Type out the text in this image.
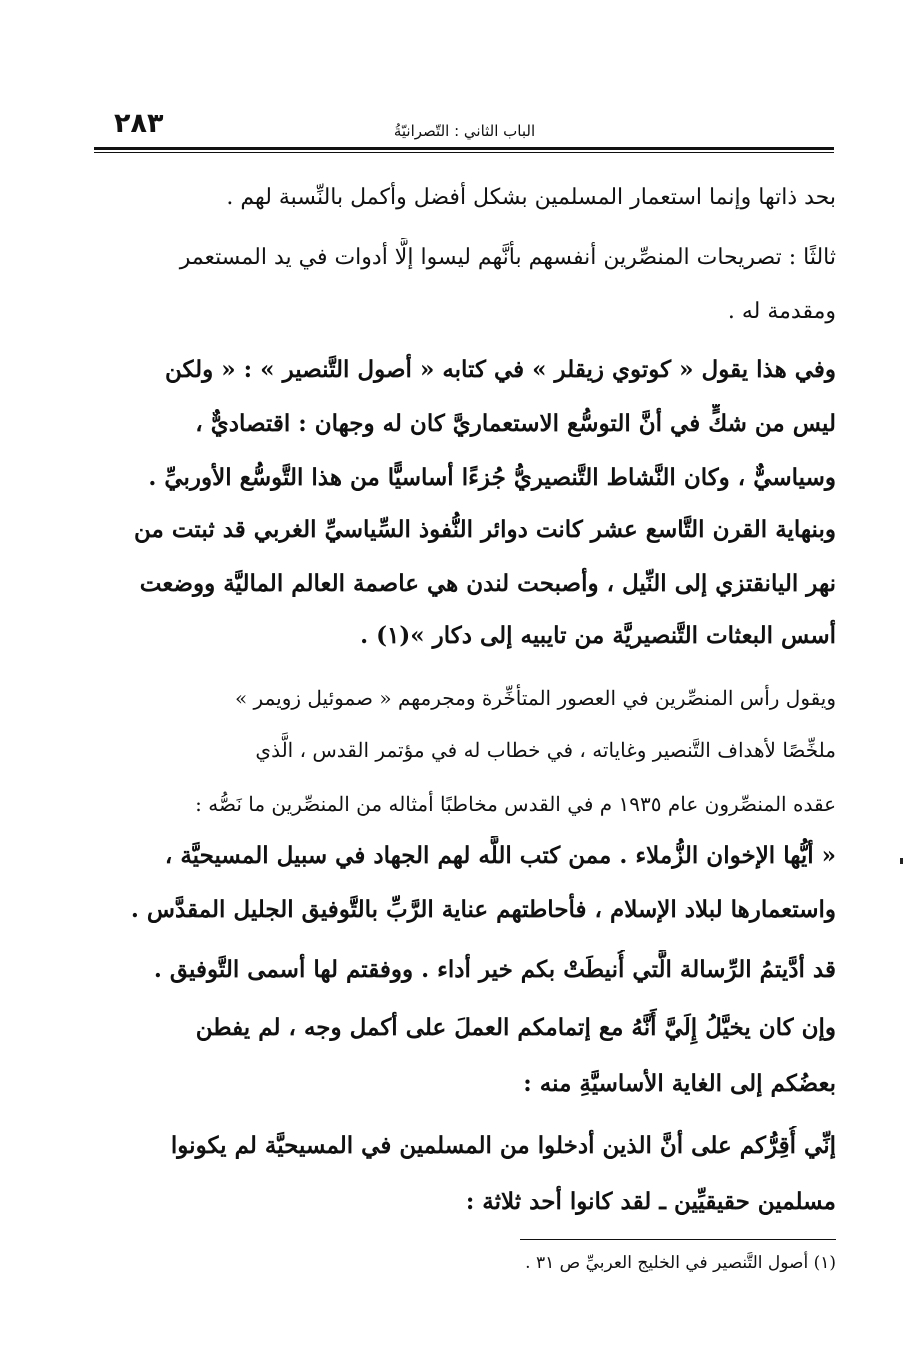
٢٨٣	الباب الثاني : التّصرانيّةُ
بحد ذاتها وإنما استعمار المسلمين بشكل أفضل وأكمل بالنِّسبة لهم .
ثالثًا : تصريحات المنصِّرين أنفسهم بأنَّهم ليسوا إلَّا أدوات في يد المستعمر
ومقدمة له .
وفي هذا يقول « كوتوي زيقلر » في كتابه « أصول التَّنصير » : « ولكن
ليس من شكٍّ في أنَّ التوسُّع الاستعماريَّ كان له وجهان : اقتصاديٌّ ،
وسياسيٌّ ، وكان النَّشاط التَّنصيريُّ جُزءًا أساسيًّا من هذا التَّوسُّع الأوربيِّ .
وبنهاية القرن التَّاسع عشر كانت دوائر النُّفوذ السِّياسيِّ الغربي قد ثبتت من
نهر اليانقتزي إلى النِّيل ، وأصبحت لندن هي عاصمة العالم الماليَّة ووضعت
أسس البعثات التَّنصيريَّة من تايبيه إلى دكار »(١) .
ويقول رأس المنصِّرين في العصور المتأخِّرة ومجرمهم « صموئيل زويمر »
ملخِّصًا لأهداف التَّنصير وغاياته ، في خطاب له في مؤتمر القدس ، الَّذي
عقده المنصِّرون عام ١٩٣٥ م في القدس مخاطبًا أمثاله من المنصِّرين ما نَصُّه :
« أيُّها الإخوان الزُّملاء . ممن كتب اللَّه لهم الجهاد في سبيل المسيحيَّة ،
واستعمارها لبلاد الإسلام ، فأحاطتهم عناية الرَّبِّ بالتَّوفيق الجليل المقدَّس .
قد أدَّيتمُ الرِّسالة الَّتي أُنيطَتْ بكم خير أداء . ووفقتم لها أسمى التَّوفيق .
وإن كان يخيَّلُ إِلَيَّ أَنَّهُ مع إتمامكم العملَ على أكمل وجه ، لم يفطن
بعضُكم إلى الغاية الأساسيَّةِ منه :
إنِّي أُقِرُّكم على أنَّ الذين أدخلوا من المسلمين في المسيحيَّة لم يكونوا
مسلمين حقيقيِّين ـ لقد كانوا أحد ثلاثة :
(١) أصول التَّنصير في الخليج العربيِّ ص ٣١ .
